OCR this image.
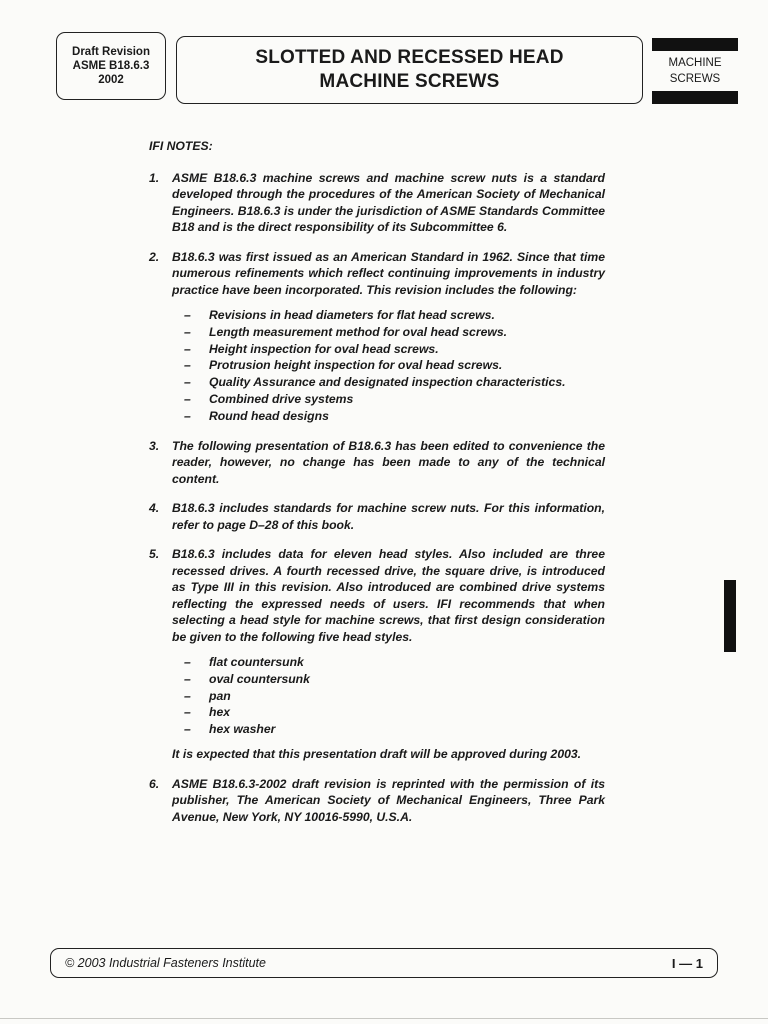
Draft Revision
ASME B18.6.3
2002
SLOTTED AND RECESSED HEAD
MACHINE SCREWS
MACHINE
SCREWS
IFI NOTES:
1.	ASME B18.6.3 machine screws and machine screw nuts is a standard developed through the procedures of the American Society of Mechanical Engineers. B18.6.3 is under the jurisdiction of ASME Standards Committee B18 and is the direct responsibility of its Subcommittee 6.

2.	B18.6.3 was first issued as an American Standard in 1962. Since that time numerous refinements which reflect continuing improvements in industry practice have been incorporated. This revision includes the following:

–	Revisions in head diameters for flat head screws.
–	Length measurement method for oval head screws.
–	Height inspection for oval head screws.
–	Protrusion height inspection for oval head screws.
–	Quality Assurance and designated inspection characteristics.
–	Combined drive systems
–	Round head designs
3.	The following presentation of B18.6.3 has been edited to convenience the reader, however, no change has been made to any of the technical content.

4.	B18.6.3 includes standards for machine screw nuts. For this information, refer to page D–28 of this book.

5.	B18.6.3 includes data for eleven head styles. Also included are three recessed drives. A fourth recessed drive, the square drive, is introduced as Type III in this revision. Also introduced are combined drive systems reflecting the expressed needs of users. IFI recommends that when selecting a head style for machine screws, that first design consideration be given to the following five head styles.

–	flat countersunk
–	oval countersunk
–	pan
–	hex
–	hex washer

It is expected that this presentation draft will be approved during 2003.

6.	ASME B18.6.3-2002 draft revision is reprinted with the permission of its publisher, The American Society of Mechanical Engineers, Three Park Avenue, New York, NY 10016-5990, U.S.A.

© 2003 Industrial Fasteners Institute	I — 1
